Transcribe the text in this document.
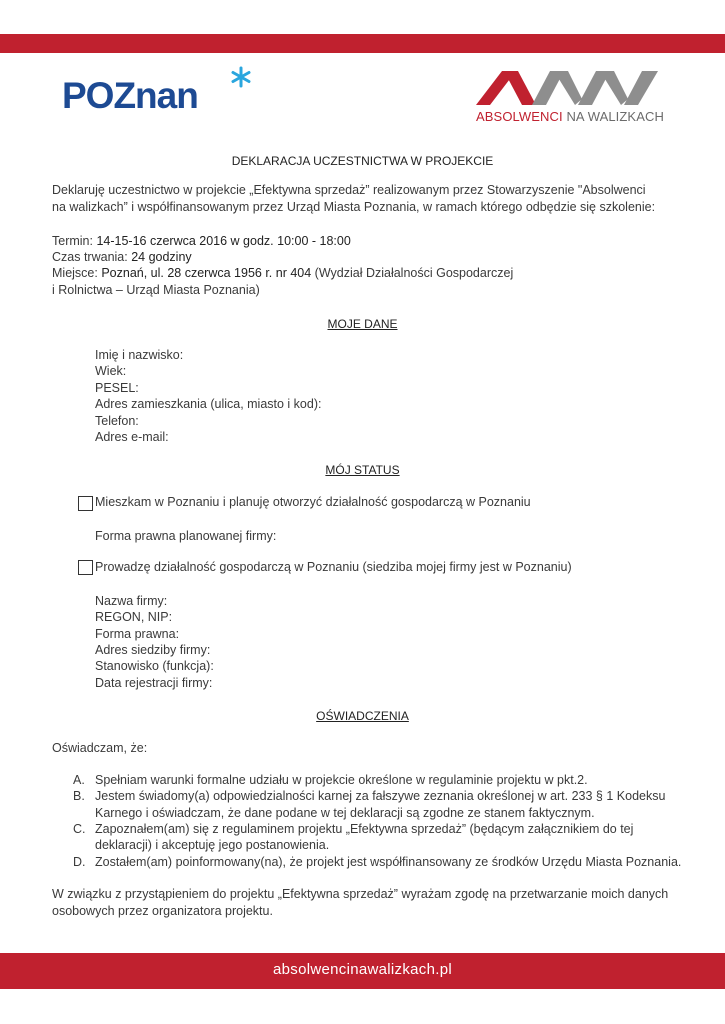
POZnan
ABSOLWENCI NA WALIZKACH
DEKLARACJA UCZESTNICTWA W PROJEKCIE
Deklaruję uczestnictwo w projekcie „Efektywna sprzedaż” realizowanym przez Stowarzyszenie "Absolwenci
na walizkach” i współfinansowanym przez Urząd Miasta Poznania, w ramach którego odbędzie się szkolenie:
Termin: 14-15-16 czerwca 2016 w godz. 10:00 - 18:00
Czas trwania: 24 godziny
Miejsce: Poznań, ul. 28 czerwca 1956 r. nr 404 (Wydział Działalności Gospodarczej
i Rolnictwa – Urząd Miasta Poznania)
MOJE DANE
Imię i nazwisko:
Wiek:
PESEL:
Adres zamieszkania (ulica, miasto i kod):
Telefon:
Adres e-mail:
MÓJ STATUS
Mieszkam w Poznaniu i planuję otworzyć działalność gospodarczą w Poznaniu
Forma prawna planowanej firmy:
Prowadzę działalność gospodarczą w Poznaniu (siedziba mojej firmy jest w Poznaniu)
Nazwa firmy:
REGON, NIP:
Forma prawna:
Adres siedziby firmy:
Stanowisko (funkcja):
Data rejestracji firmy:
OŚWIADCZENIA
Oświadczam, że:
A. Spełniam warunki formalne udziału w projekcie określone w regulaminie projektu w pkt.2.
B. Jestem świadomy(a) odpowiedzialności karnej za fałszywe zeznania określonej w art. 233 § 1 Kodeksu
Karnego i oświadczam, że dane podane w tej deklaracji są zgodne ze stanem faktycznym.
C. Zapoznałem(am) się z regulaminem projektu „Efektywna sprzedaż” (będącym załącznikiem do tej
deklaracji) i akceptuję jego postanowienia.
D. Zostałem(am) poinformowany(na), że projekt jest współfinansowany ze środków Urzędu Miasta Poznania.
W związku z przystąpieniem do projektu „Efektywna sprzedaż” wyrażam zgodę na przetwarzanie moich danych
osobowych przez organizatora projektu.
absolwencinawalizkach.pl
